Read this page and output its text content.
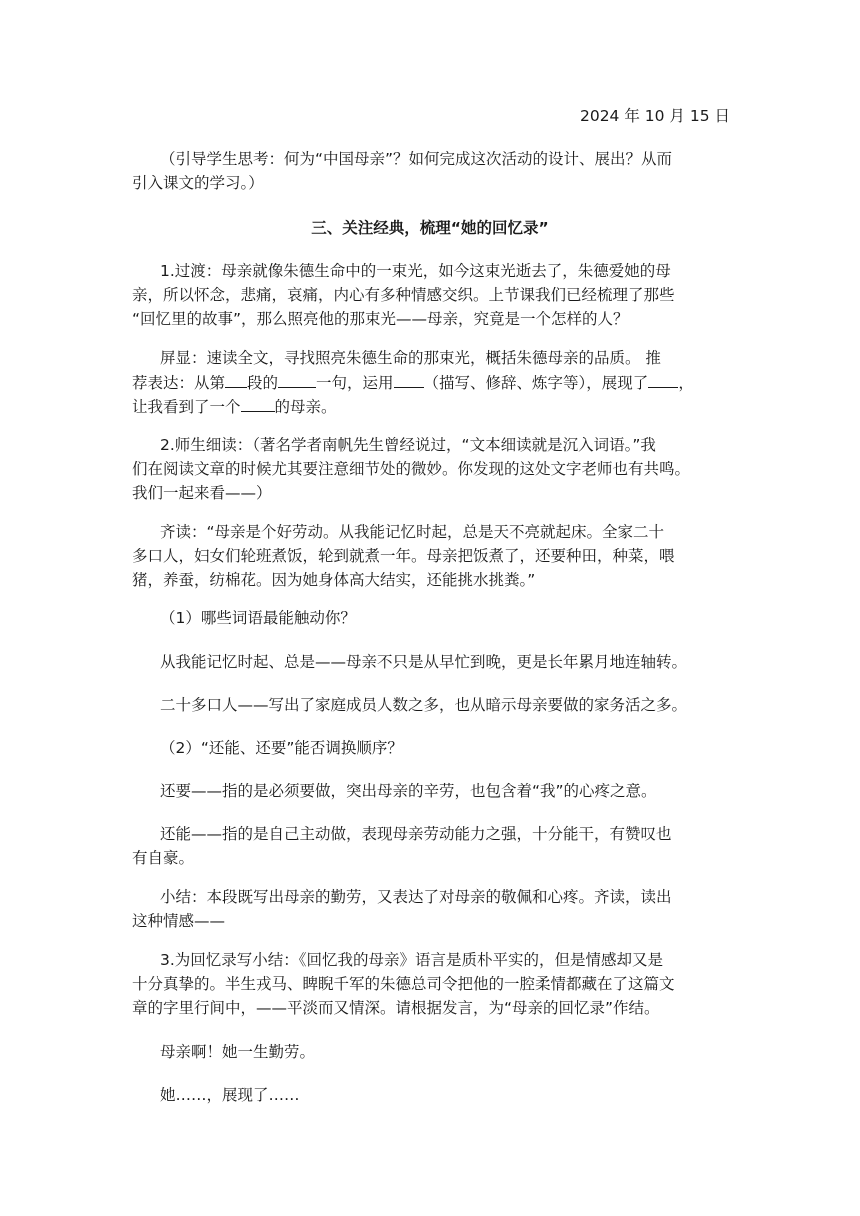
2024 年 10 月 15 日
（引导学生思考：何为“中国母亲”？如何完成这次活动的设计、展出？从而
引入课文的学习。）
三、关注经典，梳理“她的回忆录”
1.过渡：母亲就像朱德生命中的一束光，如今这束光逝去了，朱德爱她的母
亲，所以怀念，悲痛，哀痛，内心有多种情感交织。上节课我们已经梳理了那些
“回忆里的故事”，那么照亮他的那束光——母亲，究竟是一个怎样的人？
屏显：速读全文，寻找照亮朱德生命的那束光，概括朱德母亲的品质。 推
荐表达：从第 段的 一句，运用 （描写、修辞、炼字等），展现了 ，
让我看到了一个 的母亲。
2.师生细读：（著名学者南帆先生曾经说过，“文本细读就是沉入词语。”我
们在阅读文章的时候尤其要注意细节处的微妙。你发现的这处文字老师也有共鸣。
我们一起来看——）
齐读：“母亲是个好劳动。从我能记忆时起，总是天不亮就起床。全家二十
多口人，妇女们轮班煮饭，轮到就煮一年。母亲把饭煮了，还要种田，种菜，喂
猪，养蚕，纺棉花。因为她身体高大结实，还能挑水挑粪。”
（1）哪些词语最能触动你？
从我能记忆时起、总是——母亲不只是从早忙到晚，更是长年累月地连轴转。
二十多口人——写出了家庭成员人数之多，也从暗示母亲要做的家务活之多。
（2）“还能、还要”能否调换顺序？
还要——指的是必须要做，突出母亲的辛劳，也包含着“我”的心疼之意。
还能——指的是自己主动做，表现母亲劳动能力之强，十分能干，有赞叹也
有自豪。
小结：本段既写出母亲的勤劳，又表达了对母亲的敬佩和心疼。齐读，读出
这种情感——
3.为回忆录写小结：《回忆我的母亲》语言是质朴平实的，但是情感却又是
十分真挚的。半生戎马、睥睨千军的朱德总司令把他的一腔柔情都藏在了这篇文
章的字里行间中，——平淡而又情深。请根据发言，为“母亲的回忆录”作结。
母亲啊！她一生勤劳。
她……，展现了……
